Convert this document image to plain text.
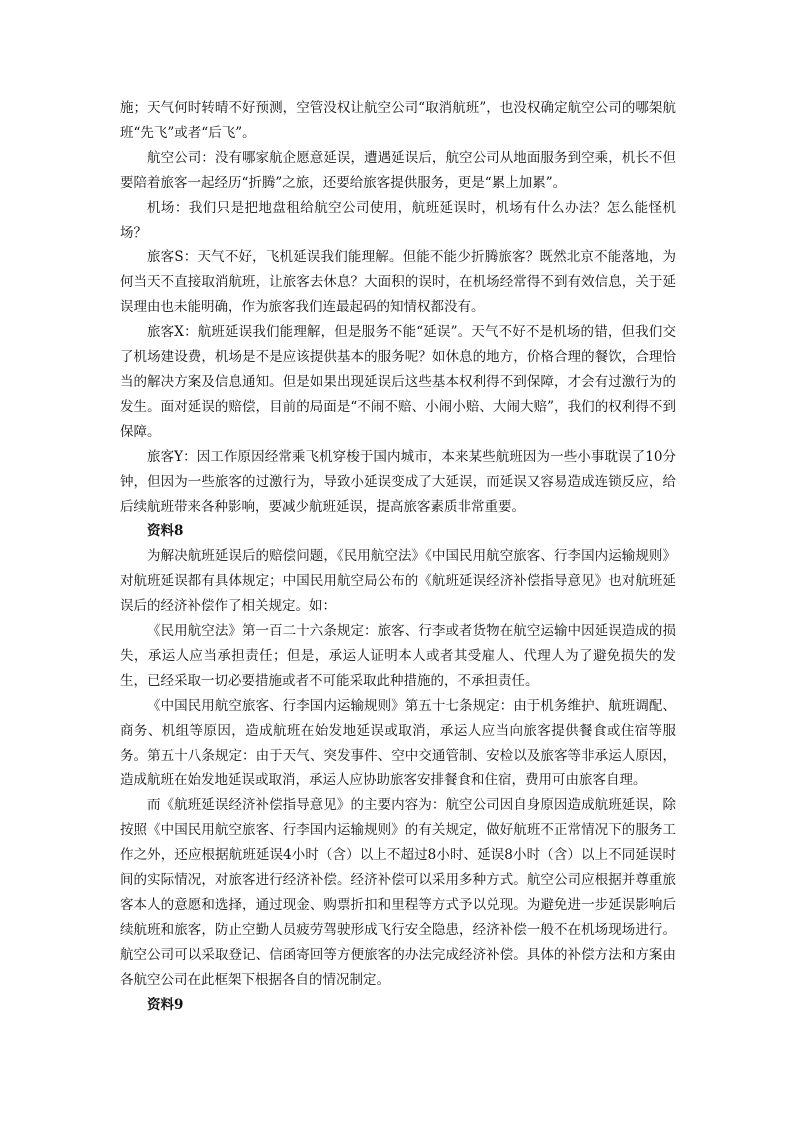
施；天气何时转晴不好预测，空管没权让航空公司“取消航班”，也没权确定航空公司的哪架航班“先飞”或者“后飞”。

航空公司：没有哪家航企愿意延误，遭遇延误后，航空公司从地面服务到空乘，机长不但要陪着旅客一起经历“折腾”之旅，还要给旅客提供服务，更是“累上加累”。

机场：我们只是把地盘租给航空公司使用，航班延误时，机场有什么办法？怎么能怪机场？

旅客S：天气不好，飞机延误我们能理解。但能不能少折腾旅客？既然北京不能落地，为何当天不直接取消航班，让旅客去休息？大面积的误时，在机场经常得不到有效信息，关于延误理由也未能明确，作为旅客我们连最起码的知情权都没有。

旅客X：航班延误我们能理解，但是服务不能“延误”。天气不好不是机场的错，但我们交了机场建设费，机场是不是应该提供基本的服务呢？如休息的地方，价格合理的餐饮，合理恰当的解决方案及信息通知。但是如果出现延误后这些基本权利得不到保障，才会有过激行为的发生。面对延误的赔偿，目前的局面是“不闹不赔、小闹小赔、大闹大赔”，我们的权利得不到保障。

旅客Y：因工作原因经常乘飞机穿梭于国内城市，本来某些航班因为一些小事耽误了10分钟，但因为一些旅客的过激行为，导致小延误变成了大延误，而延误又容易造成连锁反应，给后续航班带来各种影响，要减少航班延误，提高旅客素质非常重要。

资料8

为解决航班延误后的赔偿问题，《民用航空法》《中国民用航空旅客、行李国内运输规则》对航班延误都有具体规定；中国民用航空局公布的《航班延误经济补偿指导意见》也对航班延误后的经济补偿作了相关规定。如：

《民用航空法》第一百二十六条规定：旅客、行李或者货物在航空运输中因延误造成的损失，承运人应当承担责任；但是，承运人证明本人或者其受雇人、代理人为了避免损失的发生，已经采取一切必要措施或者不可能采取此种措施的，不承担责任。

《中国民用航空旅客、行李国内运输规则》第五十七条规定：由于机务维护、航班调配、商务、机组等原因，造成航班在始发地延误或取消，承运人应当向旅客提供餐食或住宿等服务。第五十八条规定：由于天气、突发事件、空中交通管制、安检以及旅客等非承运人原因，造成航班在始发地延误或取消，承运人应协助旅客安排餐食和住宿，费用可由旅客自理。

而《航班延误经济补偿指导意见》的主要内容为：航空公司因自身原因造成航班延误，除按照《中国民用航空旅客、行李国内运输规则》的有关规定，做好航班不正常情况下的服务工作之外，还应根据航班延误4小时（含）以上不超过8小时、延误8小时（含）以上不同延误时间的实际情况，对旅客进行经济补偿。经济补偿可以采用多种方式。航空公司应根据并尊重旅客本人的意愿和选择，通过现金、购票折扣和里程等方式予以兑现。为避免进一步延误影响后续航班和旅客，防止空勤人员疲劳驾驶形成飞行安全隐患，经济补偿一般不在机场现场进行。航空公司可以采取登记、信函寄回等方便旅客的办法完成经济补偿。具体的补偿方法和方案由各航空公司在此框架下根据各自的情况制定。

资料9
